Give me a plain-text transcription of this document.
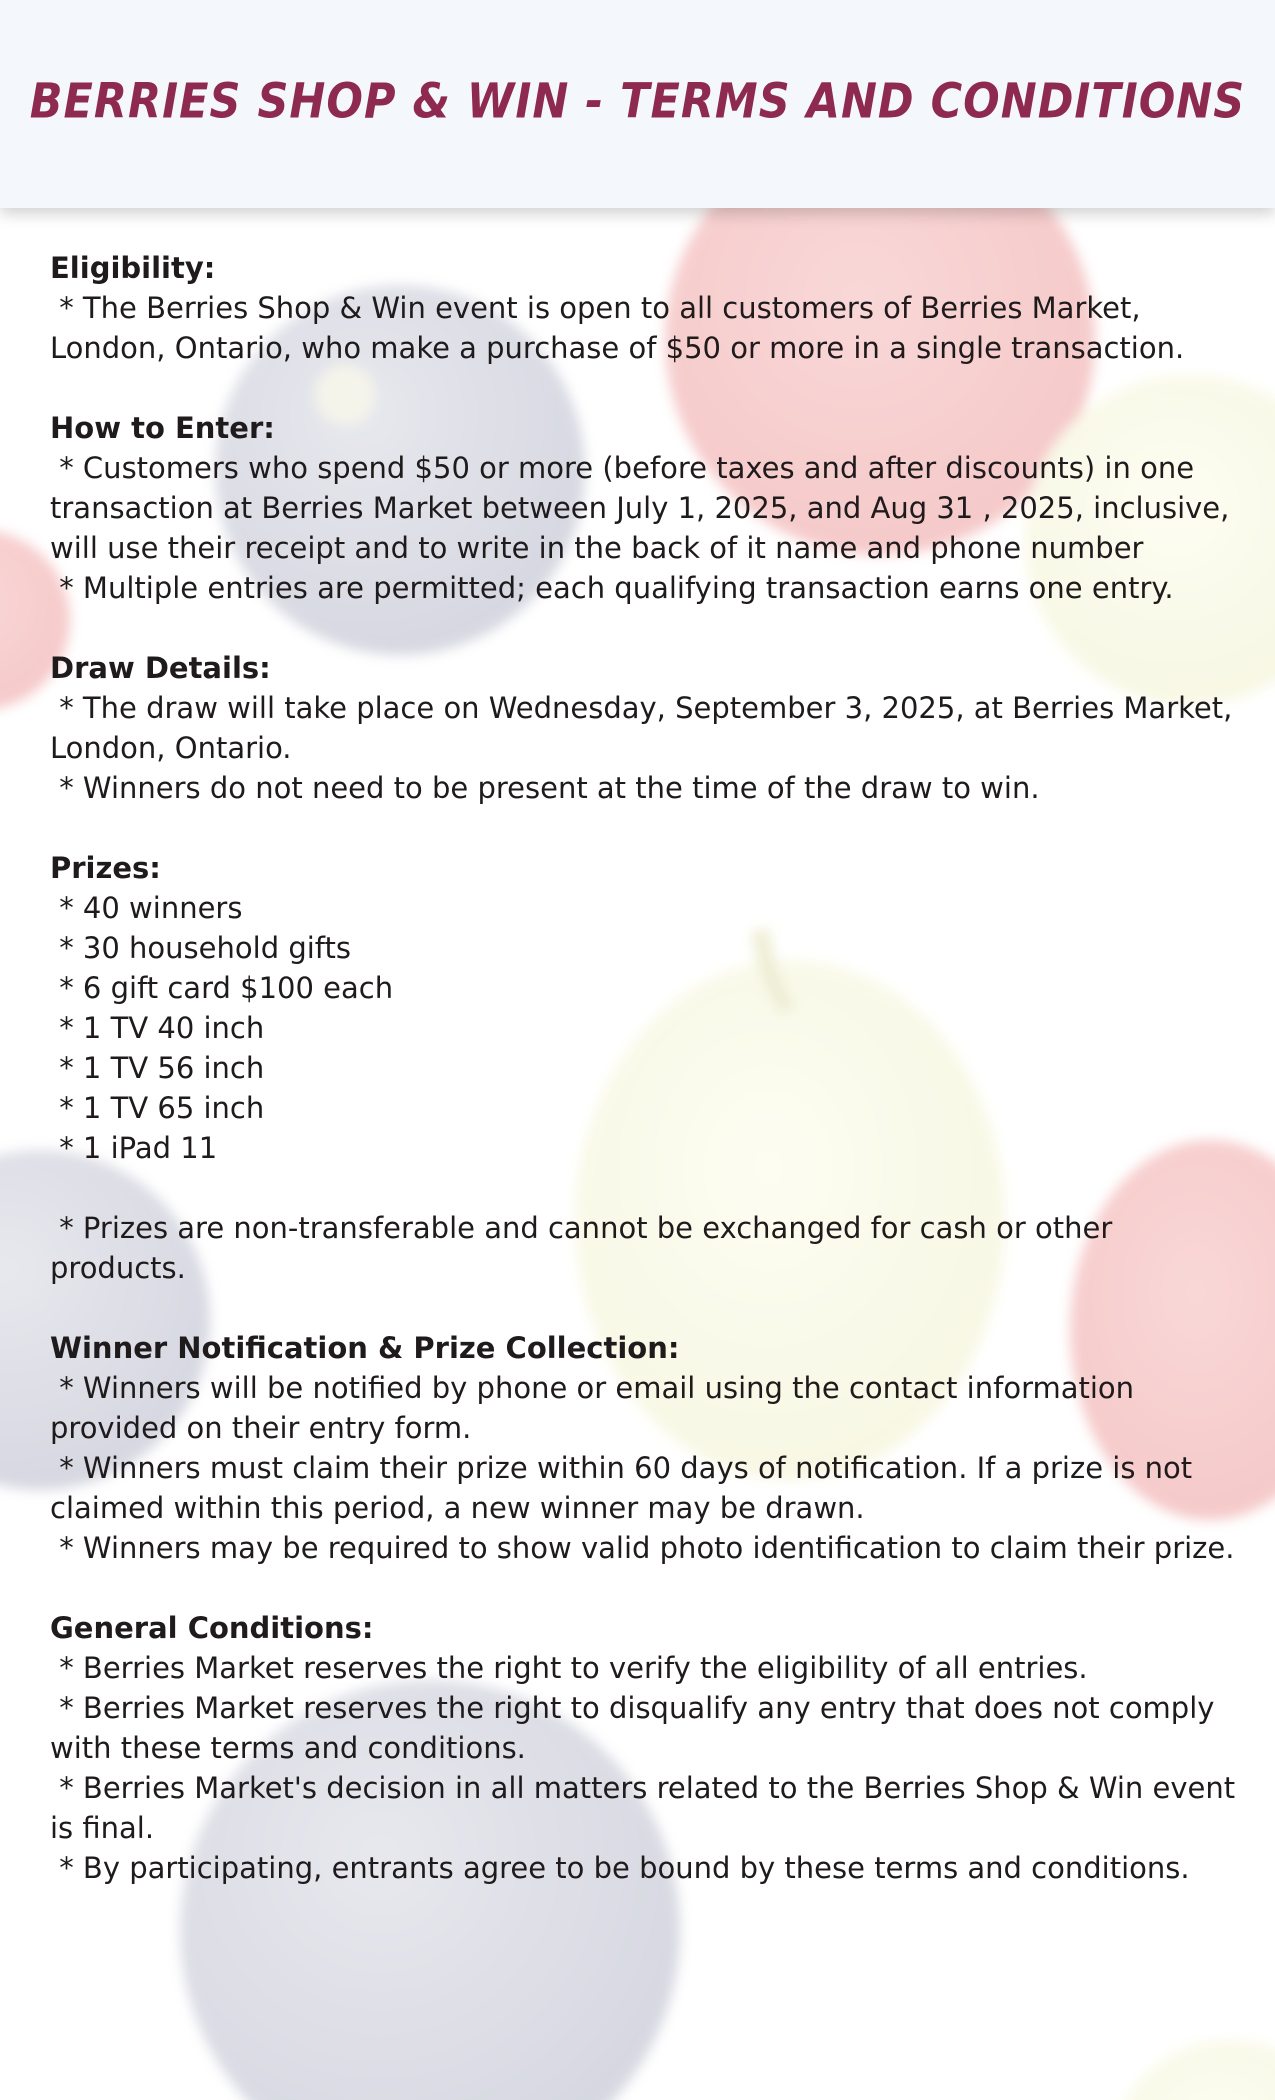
BERRIES SHOP & WIN - TERMS AND CONDITIONS

Eligibility:

* The Berries Shop & Win event is open to all customers of Berries Market, London, Ontario, who make a purchase of $50 or more in a single transaction.

How to Enter:

* Customers who spend $50 or more (before taxes and after discounts) in one transaction at Berries Market between July 1, 2025, and Aug 31 , 2025, inclusive, will use their receipt and to write in the back of it name and phone number

* Multiple entries are permitted; each qualifying transaction earns one entry.

Draw Details:

* The draw will take place on Wednesday, September 3, 2025, at Berries Market, London, Ontario.

* Winners do not need to be present at the time of the draw to win.

Prizes:

* 40 winners

* 30 household gifts

* 6 gift card $100 each

* 1 TV 40 inch

* 1 TV 56 inch

* 1 TV 65 inch

* 1 iPad 11

* Prizes are non-transferable and cannot be exchanged for cash or other products.

Winner Notification & Prize Collection:

* Winners will be notified by phone or email using the contact information provided on their entry form.

* Winners must claim their prize within 60 days of notification. If a prize is not claimed within this period, a new winner may be drawn.

* Winners may be required to show valid photo identification to claim their prize.

General Conditions:

* Berries Market reserves the right to verify the eligibility of all entries.

* Berries Market reserves the right to disqualify any entry that does not comply with these terms and conditions.

* Berries Market's decision in all matters related to the Berries Shop & Win event is final.

* By participating, entrants agree to be bound by these terms and conditions.
